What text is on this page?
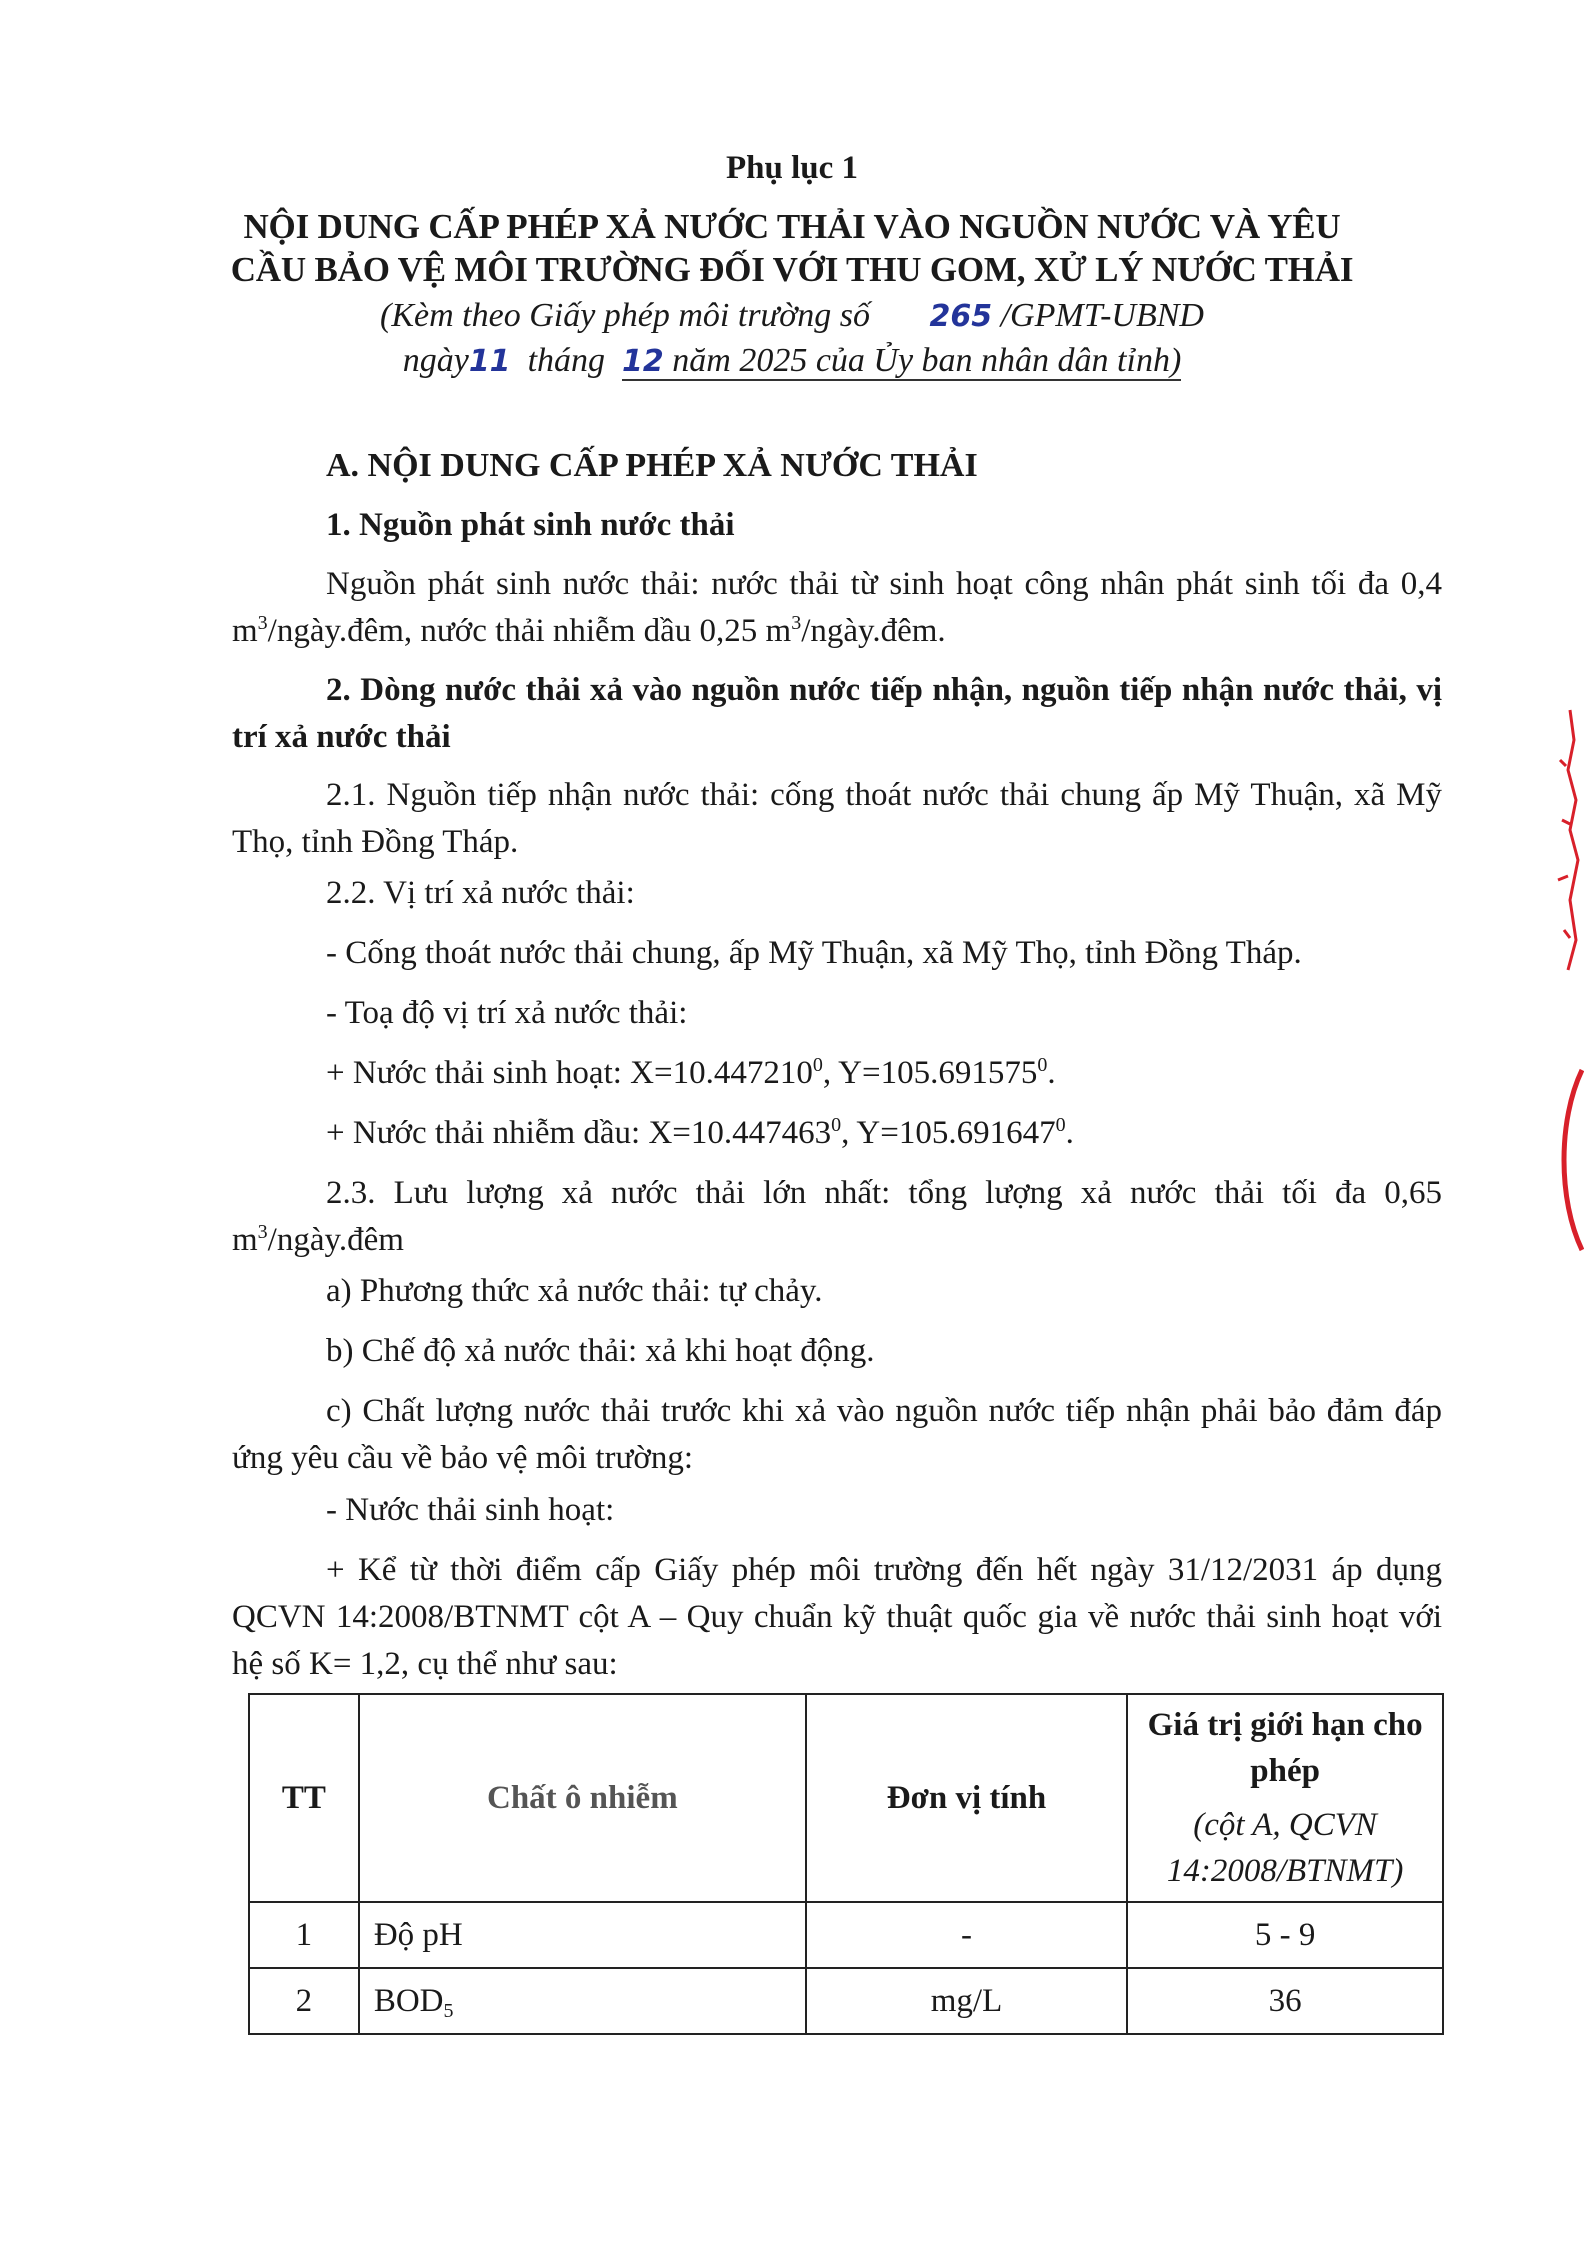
Phụ lục 1
NỘI DUNG CẤP PHÉP XẢ NƯỚC THẢI VÀO NGUỒN NƯỚC VÀ YÊU
CẦU BẢO VỆ MÔI TRƯỜNG ĐỐI VỚI THU GOM, XỬ LÝ NƯỚC THẢI
(Kèm theo Giấy phép môi trường số 265 /GPMT-UBND
ngày11 tháng 12 năm 2025 của Ủy ban nhân dân tỉnh)
A. NỘI DUNG CẤP PHÉP XẢ NƯỚC THẢI
1. Nguồn phát sinh nước thải
Nguồn phát sinh nước thải: nước thải từ sinh hoạt công nhân phát sinh tối đa 0,4 $m^3/ngày.đêm$, nước thải nhiễm dầu 0,25 $m^3/ngày.đêm$.
2. Dòng nước thải xả vào nguồn nước tiếp nhận, nguồn tiếp nhận nước thải, vị trí xả nước thải
2.1. Nguồn tiếp nhận nước thải: cống thoát nước thải chung ấp Mỹ Thuận, xã Mỹ Thọ, tỉnh Đồng Tháp.
2.2. Vị trí xả nước thải:
- Cống thoát nước thải chung, ấp Mỹ Thuận, xã Mỹ Thọ, tỉnh Đồng Tháp.
- Toạ độ vị trí xả nước thải:
+ Nước thải sinh hoạt: $X=10.447210^0$, $Y=105.691575^0$.
+ Nước thải nhiễm dầu: $X=10.447463^0$, $Y=105.691647^0$.
2.3. Lưu lượng xả nước thải lớn nhất: tổng lượng xả nước thải tối đa 0,65 $m^3/ngày.đêm$
a) Phương thức xả nước thải: tự chảy.
b) Chế độ xả nước thải: xả khi hoạt động.
c) Chất lượng nước thải trước khi xả vào nguồn nước tiếp nhận phải bảo đảm đáp ứng yêu cầu về bảo vệ môi trường:
- Nước thải sinh hoạt:
+ Kể từ thời điểm cấp Giấy phép môi trường đến hết ngày 31/12/2031 áp dụng QCVN 14:2008/BTNMT cột A – Quy chuẩn kỹ thuật quốc gia về nước thải sinh hoạt với hệ số K= 1,2, cụ thể như sau:
TT	Chất ô nhiễm	Đơn vị tính	Giá trị giới hạn cho phép
(cột A, QCVN 14:2008/BTNMT)

1	Độ pH	-	5 - 9
2	$BOD_5$	mg/L	36
